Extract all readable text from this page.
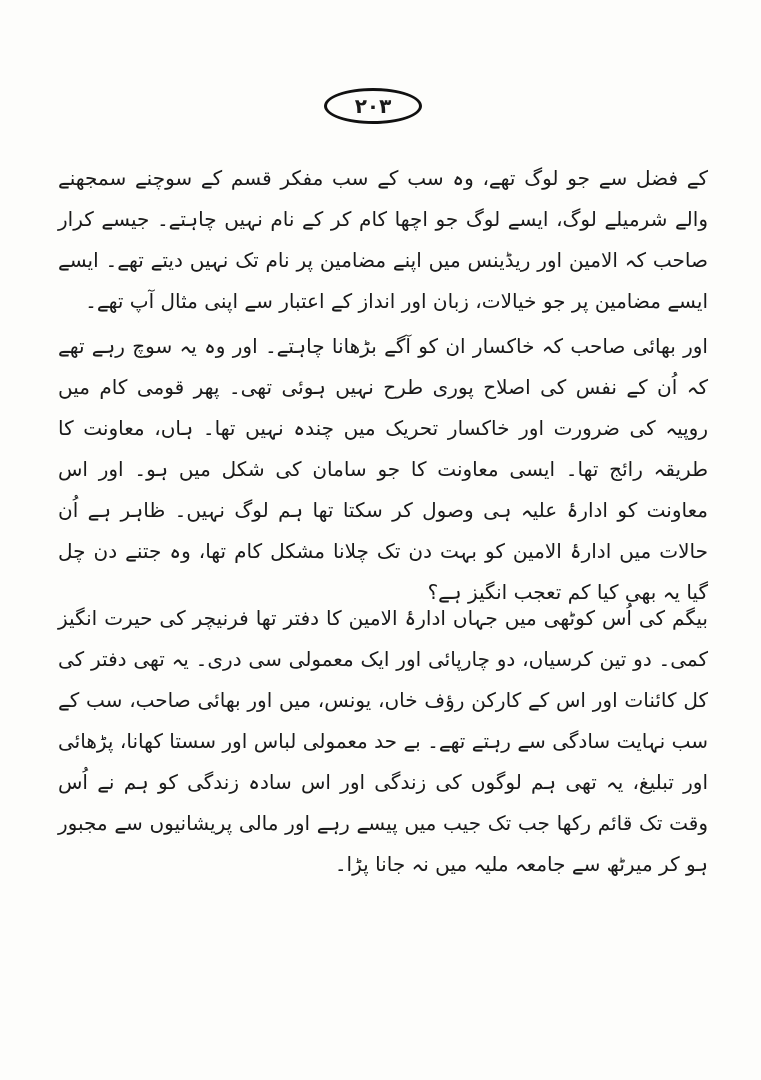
۲۰۳

کے فضل سے جو لوگ تھے، وہ سب کے سب مفکر قسم کے سوچنے سمجھنے والے شرمیلے لوگ، ایسے لوگ جو اچھا کام کر کے نام نہیں چاہتے۔ جیسے کرار صاحب کہ الامین اور ریڈینس میں اپنے مضامین پر نام تک نہیں دیتے تھے۔ ایسے ایسے مضامین پر جو خیالات، زبان اور انداز کے اعتبار سے اپنی مثال آپ تھے۔

اور بھائی صاحب کہ خاکسار ان کو آگے بڑھانا چاہتے۔ اور وہ یہ سوچ رہے تھے کہ اُن کے نفس کی اصلاح پوری طرح نہیں ہوئی تھی۔ پھر قومی کام میں روپیہ کی ضرورت اور خاکسار تحریک میں چندہ نہیں تھا۔ ہاں، معاونت کا طریقہ رائج تھا۔ ایسی معاونت کا جو سامان کی شکل میں ہو۔ اور اس معاونت کو ادارۂ علیہ ہی وصول کر سکتا تھا ہم لوگ نہیں۔ ظاہر ہے اُن حالات میں ادارۂ الامین کو بہت دن تک چلانا مشکل کام تھا، وہ جتنے دن چل گیا یہ بھی کیا کم تعجب انگیز ہے؟

بیگم کی اُس کوٹھی میں جہاں ادارۂ الامین کا دفتر تھا فرنیچر کی حیرت انگیز کمی۔ دو تین کرسیاں، دو چارپائی اور ایک معمولی سی دری۔ یہ تھی دفتر کی کل کائنات اور اس کے کارکن رؤف خاں، یونس، میں اور بھائی صاحب، سب کے سب نہایت سادگی سے رہتے تھے۔ بے حد معمولی لباس اور سستا کھانا، پڑھائی اور تبلیغ، یہ تھی ہم لوگوں کی زندگی اور اس سادہ زندگی کو ہم نے اُس وقت تک قائم رکھا جب تک جیب میں پیسے رہے اور مالی پریشانیوں سے مجبور ہو کر میرٹھ سے جامعہ ملیہ میں نہ جانا پڑا۔
